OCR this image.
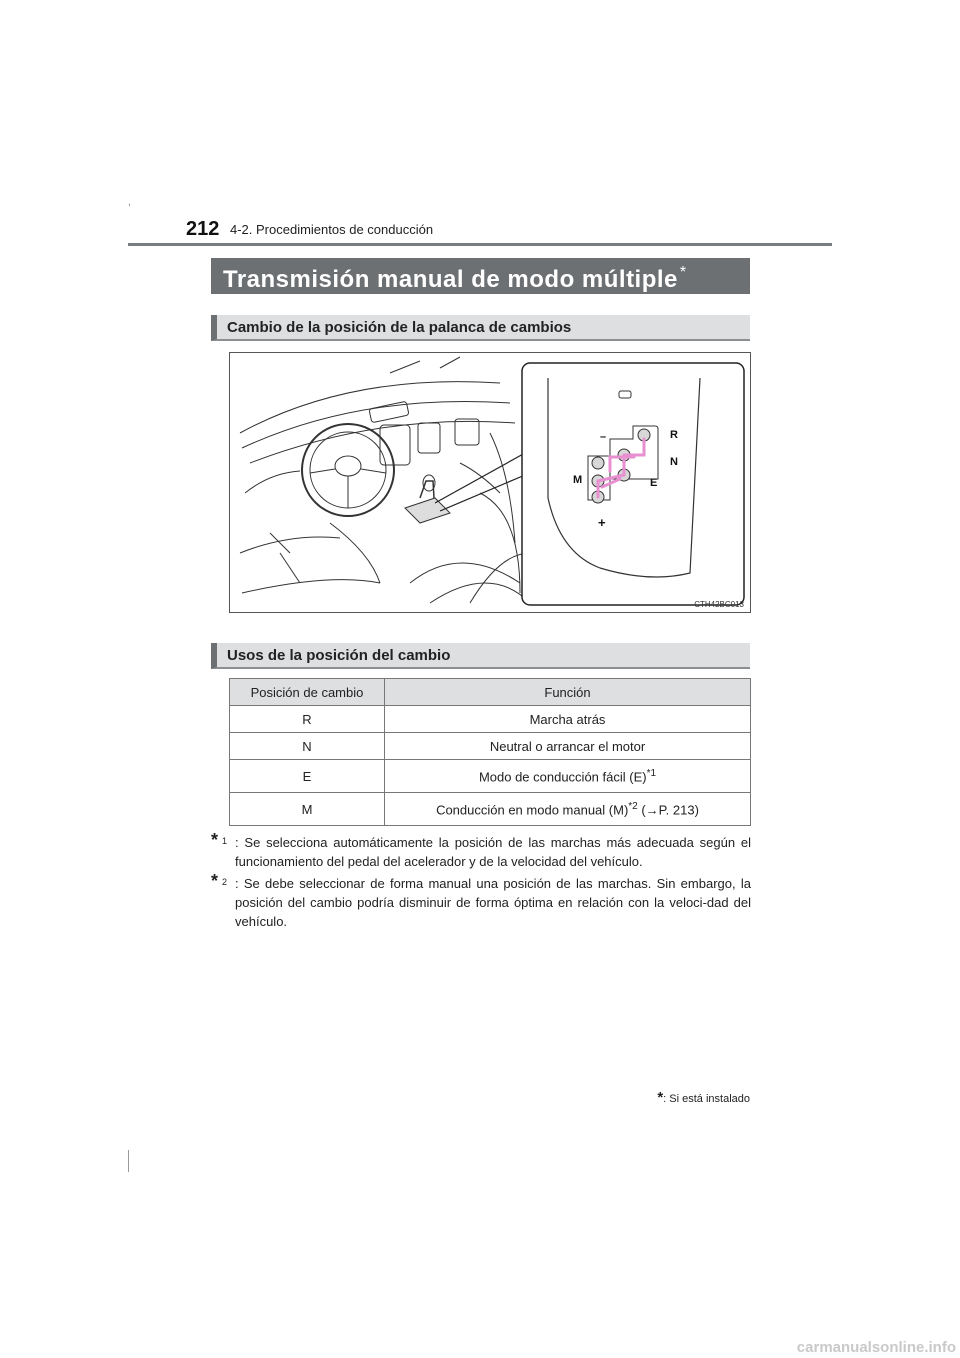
,
212 4-2. Procedimientos de conducción
Transmisión manual de modo múltiple *
Cambio de la posición de la palanca de cambios
–	R
N
E
M
+
CTH42BC013
Usos de la posición del cambio
Posición de cambio	Función
R	Marcha atrás
N	Neutral o arrancar el motor
E	Modo de conducción fácil $(E)^{*1}$
M	Conducción en modo manual $(M)^{*2}$ (→P. 213)
* 1 : Se selecciona automáticamente la posición de las marchas más adecuada según el funcionamiento del pedal del acelerador y de la velocidad del vehículo.
* 2 : Se debe seleccionar de forma manual una posición de las marchas. Sin embargo, la posición del cambio podría disminuir de forma óptima en relación con la veloci-dad del vehículo.
*: Si está instalado
carmanualsonline.info
